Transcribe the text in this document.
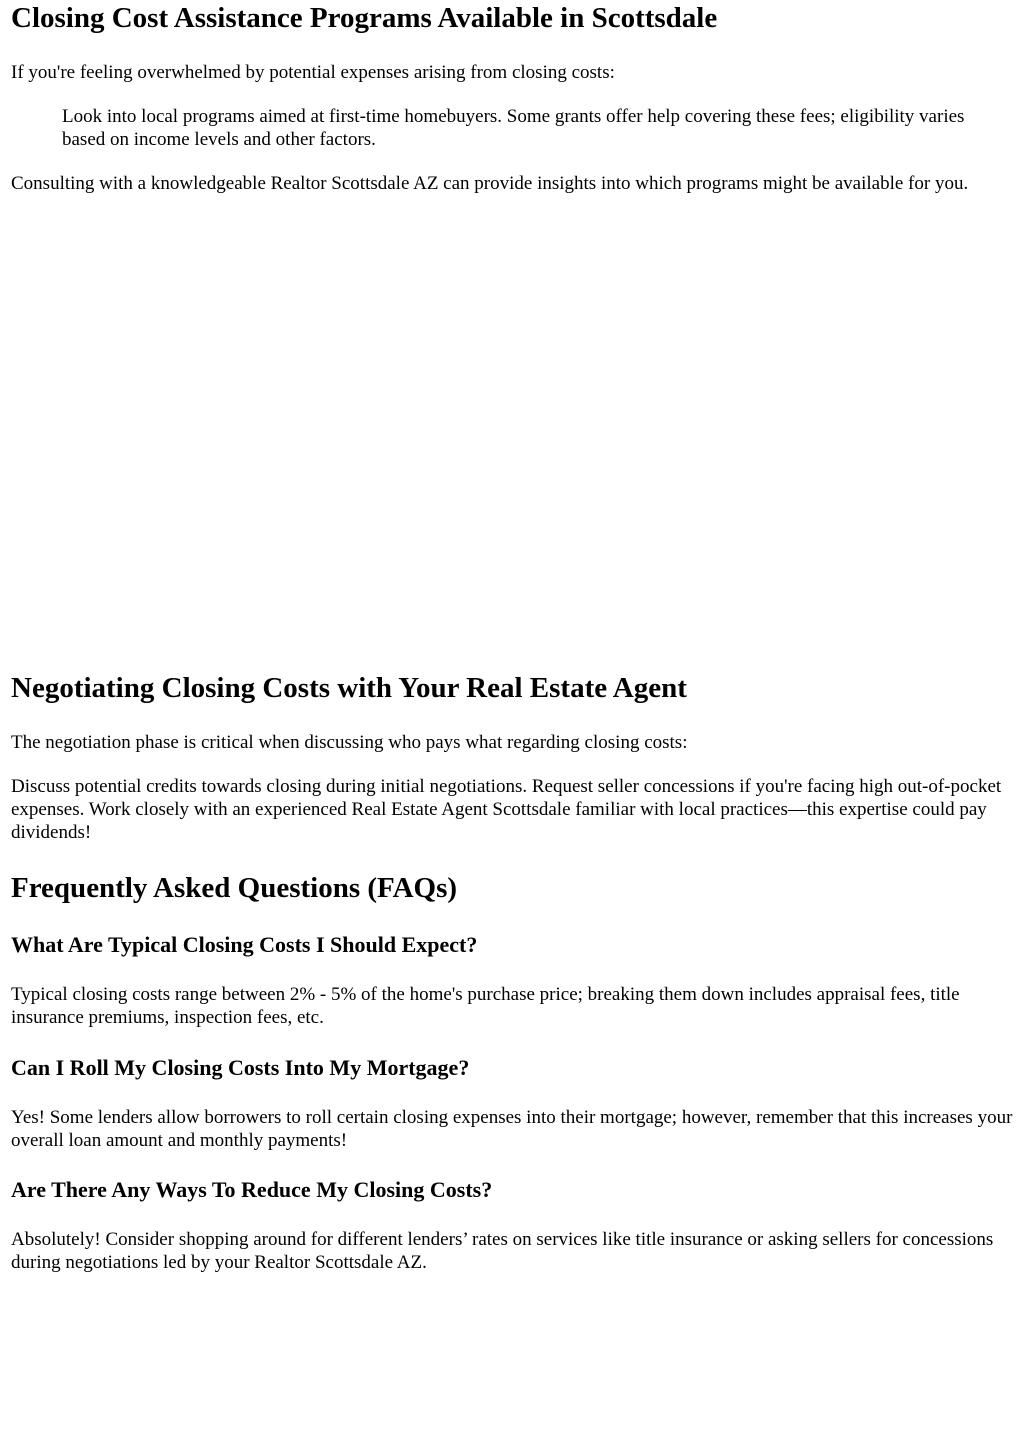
Closing Cost Assistance Programs Available in Scottsdale

If you're feeling overwhelmed by potential expenses arising from closing costs:

Look into local programs aimed at first-time homebuyers. Some grants offer help covering these fees; eligibility varies based on income levels and other factors.

Consulting with a knowledgeable Realtor Scottsdale AZ can provide insights into which programs might be available for you.

Negotiating Closing Costs with Your Real Estate Agent

The negotiation phase is critical when discussing who pays what regarding closing costs:

Discuss potential credits towards closing during initial negotiations. Request seller concessions if you're facing high out-of-pocket expenses. Work closely with an experienced Real Estate Agent Scottsdale familiar with local practices—this expertise could pay dividends!

Frequently Asked Questions (FAQs)
What Are Typical Closing Costs I Should Expect?

Typical closing costs range between 2% - 5% of the home's purchase price; breaking them down includes appraisal fees, title insurance premiums, inspection fees, etc.

Can I Roll My Closing Costs Into My Mortgage?

Yes! Some lenders allow borrowers to roll certain closing expenses into their mortgage; however, remember that this increases your overall loan amount and monthly payments!

Are There Any Ways To Reduce My Closing Costs?

Absolutely! Consider shopping around for different lenders’ rates on services like title insurance or asking sellers for concessions during negotiations led by your Realtor Scottsdale AZ.
